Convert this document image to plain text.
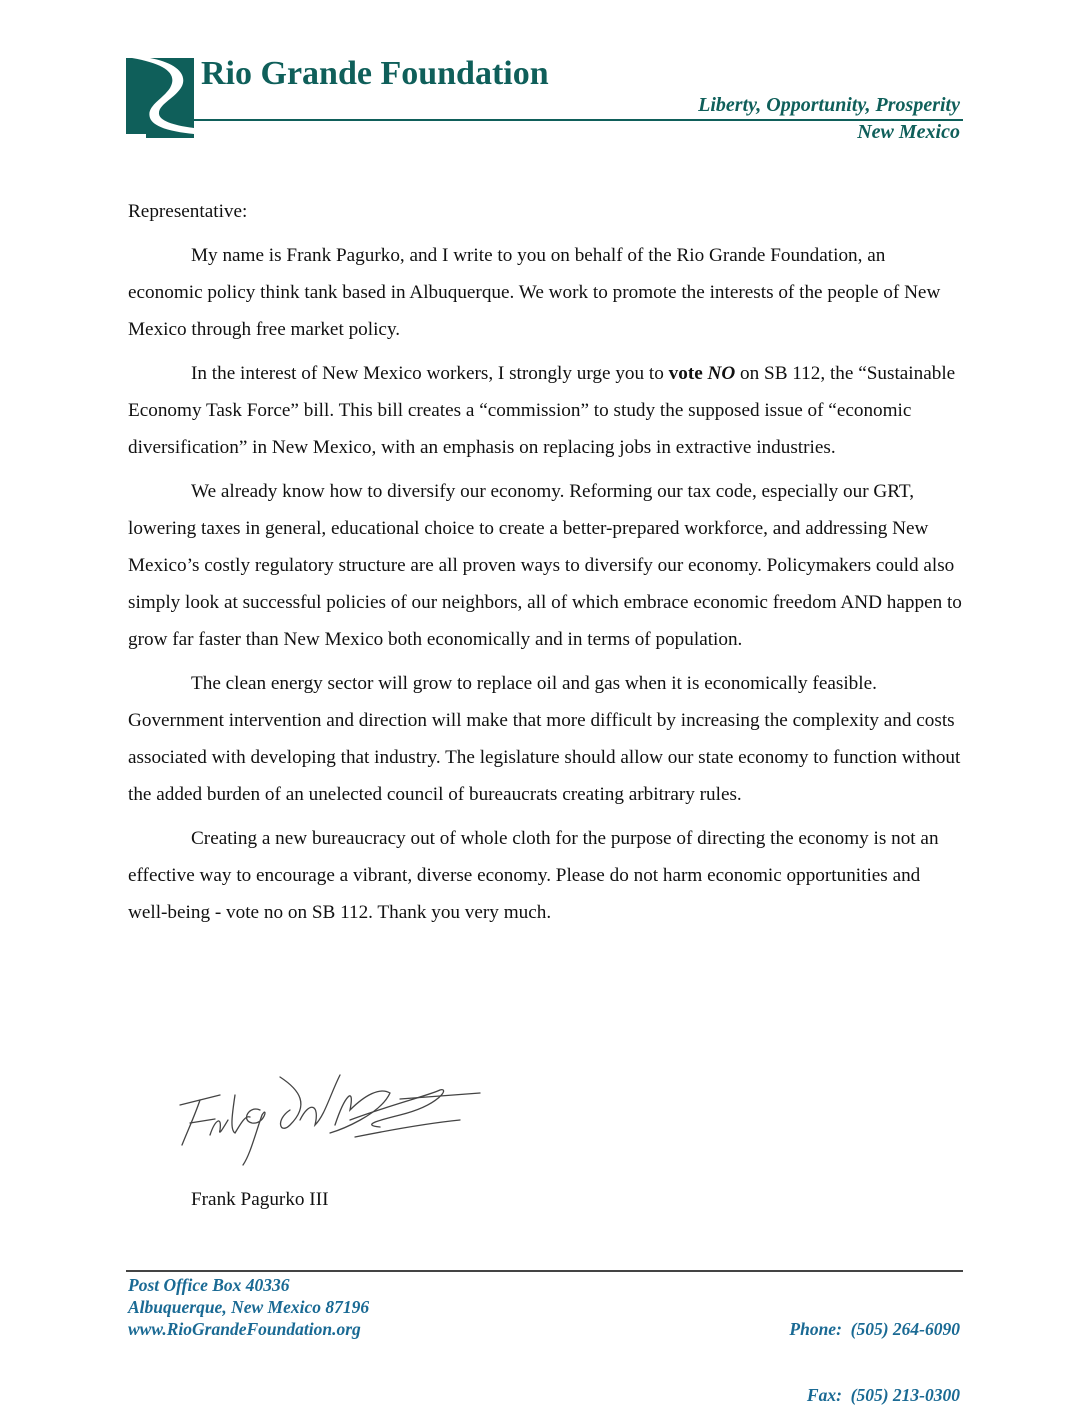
Rio Grande Foundation
Liberty, Opportunity, Prosperity
New Mexico

Representative:

My name is Frank Pagurko, and I write to you on behalf of the Rio Grande Foundation, an economic policy think tank based in Albuquerque. We work to promote the interests of the people of New Mexico through free market policy.

In the interest of New Mexico workers, I strongly urge you to vote NO on SB 112, the “Sustainable Economy Task Force” bill. This bill creates a “commission” to study the supposed issue of “economic diversification” in New Mexico, with an emphasis on replacing jobs in extractive industries.

We already know how to diversify our economy. Reforming our tax code, especially our GRT, lowering taxes in general, educational choice to create a better-prepared workforce, and addressing New Mexico’s costly regulatory structure are all proven ways to diversify our economy. Policymakers could also simply look at successful policies of our neighbors, all of which embrace economic freedom AND happen to grow far faster than New Mexico both economically and in terms of population.

The clean energy sector will grow to replace oil and gas when it is economically feasible. Government intervention and direction will make that more difficult by increasing the complexity and costs associated with developing that industry. The legislature should allow our state economy to function without the added burden of an unelected council of bureaucrats creating arbitrary rules.

Creating a new bureaucracy out of whole cloth for the purpose of directing the economy is not an effective way to encourage a vibrant, diverse economy. Please do not harm economic opportunities and well-being - vote no on SB 112. Thank you very much.

Frank Pagurko III
Post Office Box 40336
Albuquerque, New Mexico 87196
www.RioGrandeFoundation.org

	Phone:  (505) 264-6090

Fax:  (505) 213-0300
